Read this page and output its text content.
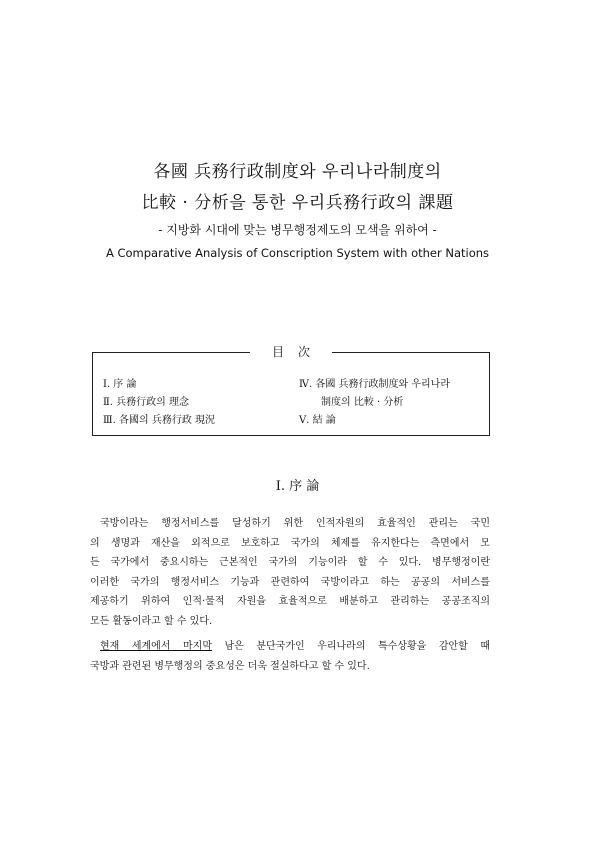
各國 兵務行政制度와 우리나라制度의
比較 · 分析을 통한 우리兵務行政의 課題
- 지방화 시대에 맞는 병무행정제도의 모색을 위하여 -
A Comparative Analysis of Conscription System with other Nations
目次
Ⅰ. 序 論
Ⅱ. 兵務行政의 理念
Ⅲ. 各國의 兵務行政 現況
Ⅳ. 各國 兵務行政制度와 우리나라
制度의 比較 · 分析
Ⅴ. 結 論
Ⅰ. 序 論
국방이라는 행정서비스를 달성하기 위한 인적자원의 효율적인 관리는 국민
의 생명과 재산을 외적으로 보호하고 국가의 체제를 유지한다는 측면에서 모
든 국가에서 중요시하는 근본적인 국가의 기능이라 할 수 있다. 병무행정이란
이러한 국가의 행정서비스 기능과 관련하여 국방이라고 하는 공공의 서비스를
제공하기 위하여 인적·물적 자원을 효율적으로 배분하고 관리하는 공공조직의
모든 활동이라고 할 수 있다.
현재 세계에서 마지막 남은 분단국가인 우리나라의 특수상황을 감안할 때
국방과 관련된 병무행정의 중요성은 더욱 절실하다고 할 수 있다.
